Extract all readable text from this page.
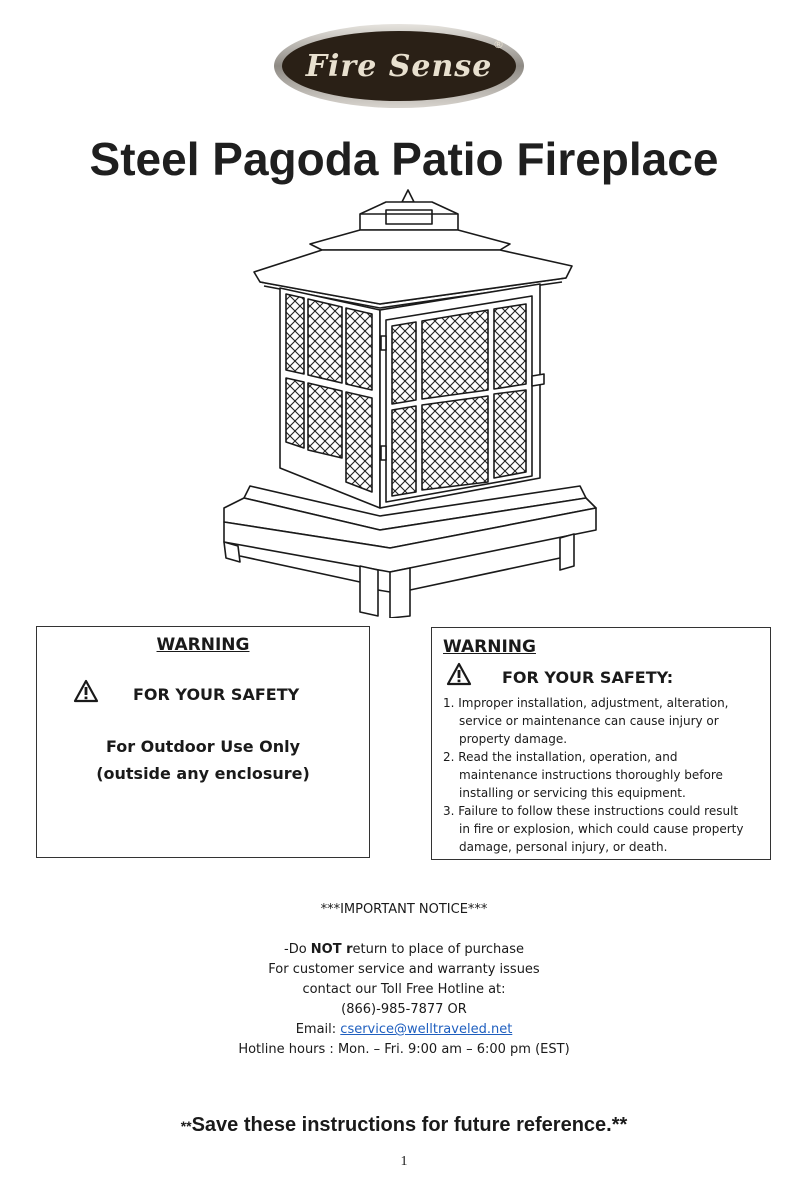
Fire Sense
®
Steel Pagoda Patio Fireplace
WARNING
FOR YOUR SAFETY
For Outdoor Use Only
(outside any enclosure)
WARNING
FOR YOUR SAFETY:
1. Improper installation, adjustment, alteration,
service or maintenance can cause injury or
property damage.
2. Read the installation, operation, and
maintenance instructions thoroughly before
installing or servicing this equipment.
3. Failure to follow these instructions could result
in fire or explosion, which could cause property
damage, personal injury, or death.
***IMPORTANT NOTICE***
-Do NOT return to place of purchase
For customer service and warranty issues
contact our Toll Free Hotline at:
(866)-985-7877 OR
Email: cservice@welltraveled.net
Hotline hours : Mon. – Fri. 9:00 am – 6:00 pm (EST)
**Save these instructions for future reference.**
1
